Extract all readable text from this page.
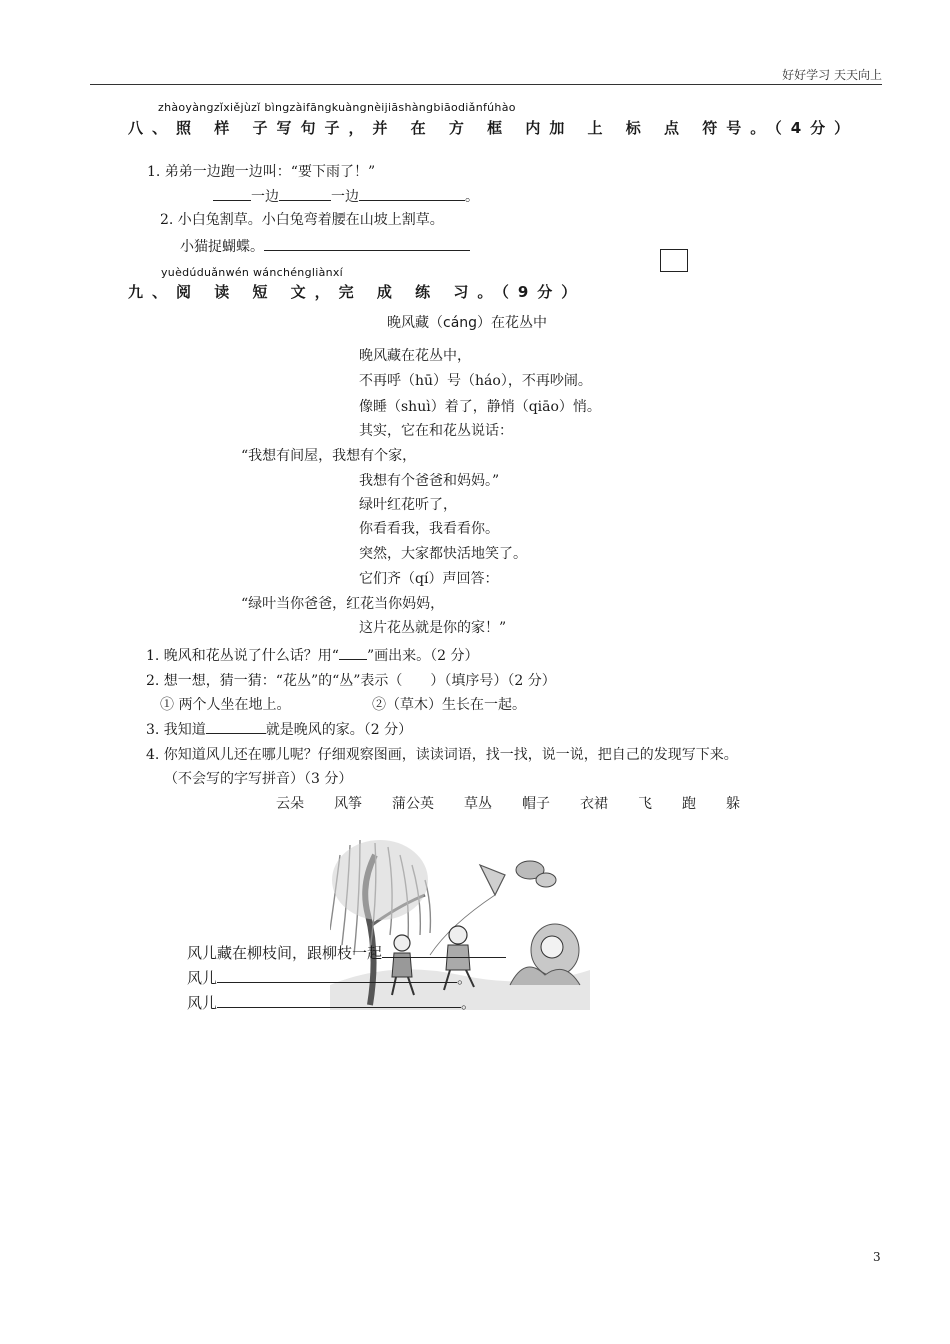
好好学习 天天向上
zhàoyàngzǐxiějùzǐ bìngzàifāngkuàngnèijiāshàngbiāodiǎnfúhào
八、照 样 子写句子，并 在 方 框 内加 上 标 点 符号。（4分）
1. 弟弟一边跑一边叫：“要下雨了！”
一边	一边	。
2. 小白兔割草。小白兔弯着腰在山坡上割草。
小猫捉蝴蝶。
yuèdúduǎnwén wánchéngliànxí
九、阅 读 短 文，完 成 练 习。（9分）
晚风藏（cáng）在花丛中
晚风藏在花丛中，
不再呼（hū）号（háo），不再吵闹。
像睡（shuì）着了，静悄（qiāo）悄。
其实，它在和花丛说话：
“我想有间屋，我想有个家，
我想有个爸爸和妈妈。”
绿叶红花听了，
你看看我，我看看你。
突然，大家都快活地笑了。
它们齐（qí）声回答：
“绿叶当你爸爸，红花当你妈妈，
这片花丛就是你的家！”
1. 晚风和花丛说了什么话？用“ ”画出来。（2 分）
2. 想一想，猜一猜：“花丛”的“丛”表示（　　）（填序号）（2 分）
① 两个人坐在地上。	②（草木）生长在一起。
3. 我知道	就是晚风的家。（2 分）
4. 你知道风儿还在哪儿呢？仔细观察图画，读读词语，找一找，说一说，把自己的发现写下来。
（不会写的字写拼音）（3 分）
云朵 风筝 蒲公英 草丛 帽子 衣裙 飞 跑 躲
风儿藏在柳枝间，跟柳枝一起
风儿	。
风儿	。
3
